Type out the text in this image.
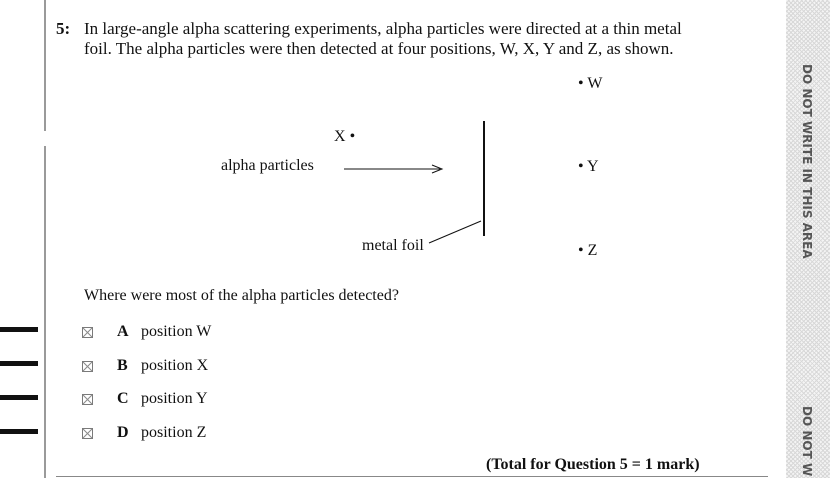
5: In large-angle alpha scattering experiments, alpha particles were directed at a thin metal
foil. The alpha particles were then detected at four positions, W, X, Y and Z, as shown.
alpha particles
metal foil
• W
X •
• Y
• Z
Where were most of the alpha particles detected?
A position W
B position X
C position Y
D position Z
(Total for Question 5 = 1 mark)
DO NOT WRITE IN THIS AREA
DO NOT W
